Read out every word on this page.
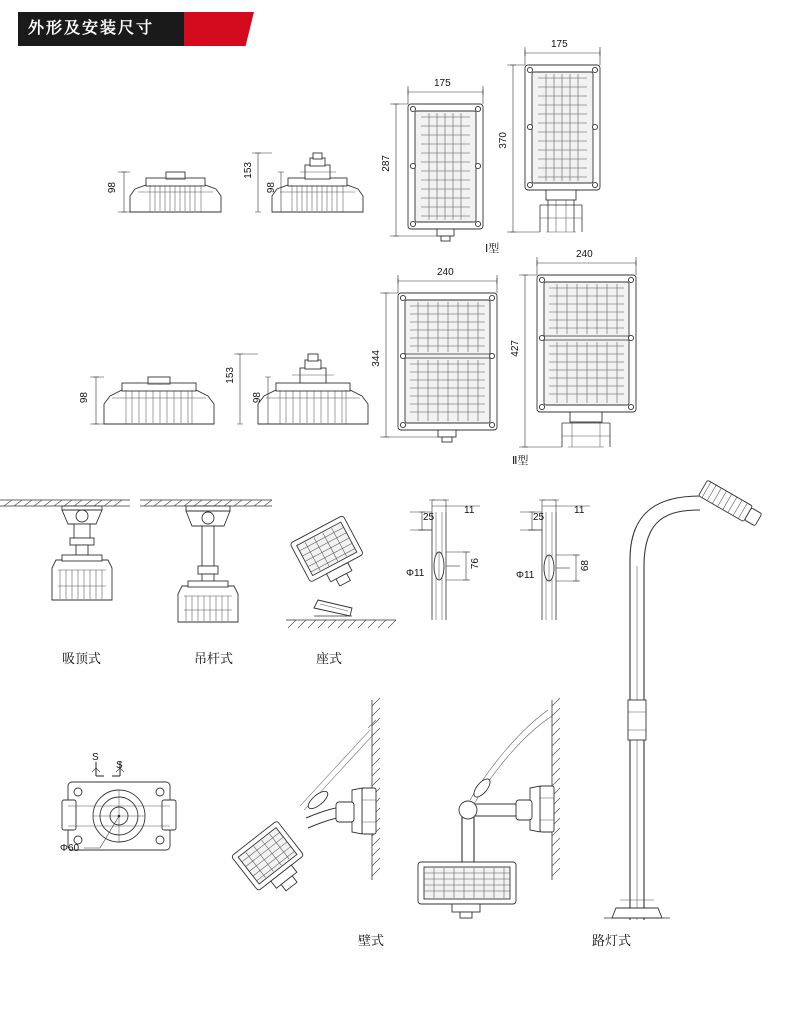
外形及安装尺寸
98
153
98
175
287
175
370
Ⅰ型
98
153
98
240
344
240
427
Ⅱ型
吸顶式	吊杆式	座式
壁式	路灯式
25
11
Φ11
76
25
11
Φ11
68
S
S
Φ60
